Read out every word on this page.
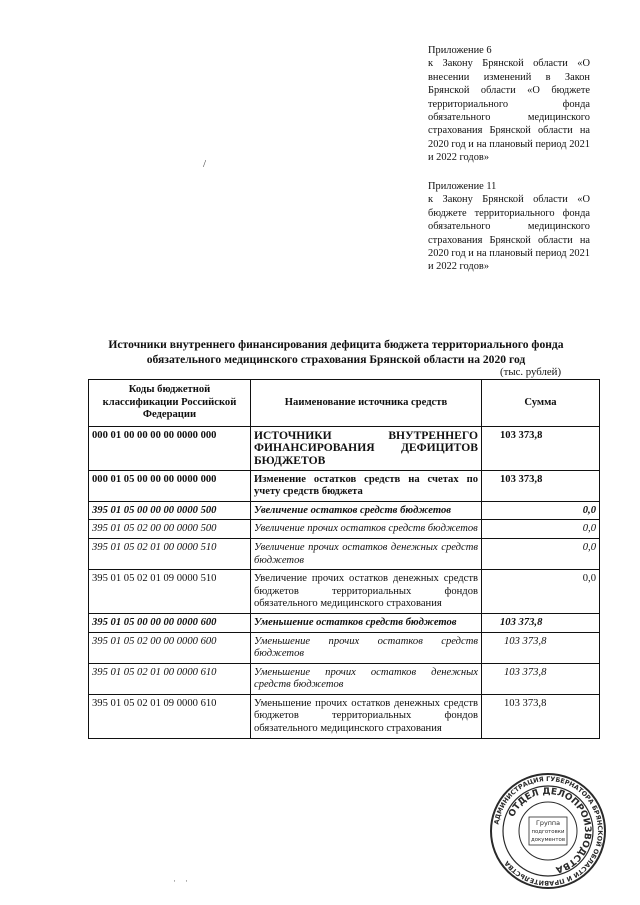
Приложение 6
к Закону Брянской области «О внесении изменений в Закон Брянской области «О бюджете территориального фонда обязательного медицинского страхования Брянской области на 2020 год и на плановый период 2021 и 2022 годов»
/
Приложение 11
к Закону Брянской области «О бюджете территориального фонда обязательного медицинского страхования Брянской области на 2020 год и на плановый период 2021 и 2022 годов»
Источники внутреннего финансирования дефицита бюджета территориального фонда обязательного медицинского страхования Брянской области на 2020 год
(тыс. рублей)
Коды бюджетной классификации Российской Федерации	Наименование источника средств	Сумма
000 01 00 00 00 00 0000 000	ИСТОЧНИКИ ВНУТРЕННЕГО ФИНАНСИРОВАНИЯ ДЕФИЦИТОВ БЮДЖЕТОВ	103 373,8
000 01 05 00 00 00 0000 000	Изменение остатков средств на счетах по учету средств бюджета	103 373,8
395 01 05 00 00 00 0000 500	Увеличение остатков средств бюджетов	0,0
395 01 05 02 00 00 0000 500	Увеличение прочих остатков средств бюджетов	0,0
395 01 05 02 01 00 0000 510	Увеличение прочих остатков денежных средств бюджетов	0,0
395 01 05 02 01 09 0000 510	Увеличение прочих остатков денежных средств бюджетов территориальных фондов обязательного медицинского страхования	0,0
395 01 05 00 00 00 0000 600	Уменьшение остатков средств бюджетов	103 373,8
395 01 05 02 00 00 0000 600	Уменьшение прочих остатков средств бюджетов	103 373,8
395 01 05 02 01 00 0000 610	Уменьшение прочих остатков денежных средств бюджетов	103 373,8
395 01 05 02 01 09 0000 610	Уменьшение прочих остатков денежных средств бюджетов территориальных фондов обязательного медицинского страхования	103 373,8
АДМИНИСТРАЦИЯ ГУБЕРНАТОРА БРЯНСКОЙ ОБЛАСТИ И ПРАВИТЕЛЬСТВА
ОТДЕЛ ДЕЛОПРОИЗВОДСТВА
Группа
подготовки
документов
· ·
